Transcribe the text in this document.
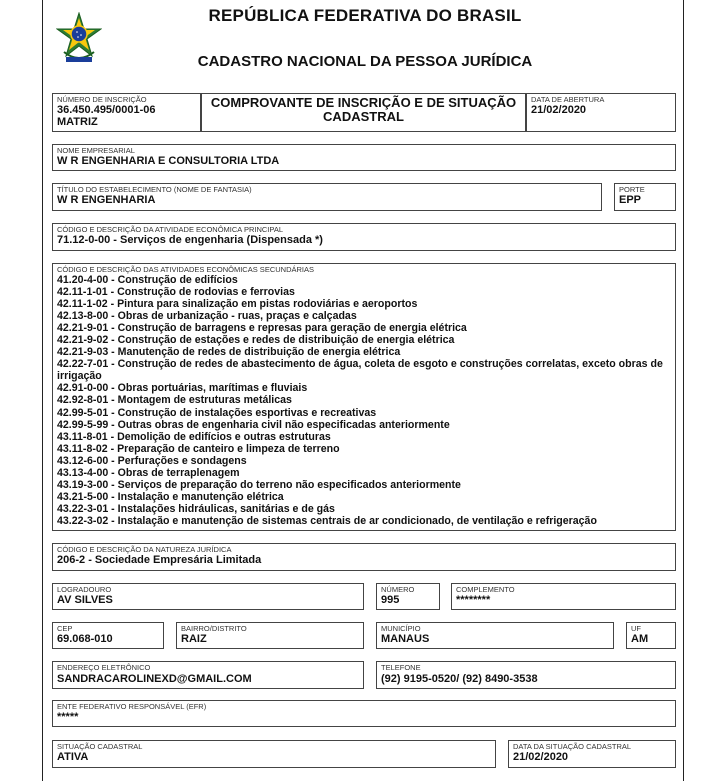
REPÚBLICA FEDERATIVA DO BRASIL
CADASTRO NACIONAL DA PESSOA JURÍDICA
NÚMERO DE INSCRIÇÃO
36.450.495/0001-06
MATRIZ
COMPROVANTE DE INSCRIÇÃO E DE SITUAÇÃO
CADASTRAL
DATA DE ABERTURA
21/02/2020
NOME EMPRESARIAL
W R ENGENHARIA E CONSULTORIA LTDA
TÍTULO DO ESTABELECIMENTO (NOME DE FANTASIA)
W R ENGENHARIA
PORTE
EPP
CÓDIGO E DESCRIÇÃO DA ATIVIDADE ECONÔMICA PRINCIPAL
71.12-0-00 - Serviços de engenharia (Dispensada *)
CÓDIGO E DESCRIÇÃO DAS ATIVIDADES ECONÔMICAS SECUNDÁRIAS
41.20-4-00 - Construção de edifícios
42.11-1-01 - Construção de rodovias e ferrovias
42.11-1-02 - Pintura para sinalização em pistas rodoviárias e aeroportos
42.13-8-00 - Obras de urbanização - ruas, praças e calçadas
42.21-9-01 - Construção de barragens e represas para geração de energia elétrica
42.21-9-02 - Construção de estações e redes de distribuição de energia elétrica
42.21-9-03 - Manutenção de redes de distribuição de energia elétrica
42.22-7-01 - Construção de redes de abastecimento de água, coleta de esgoto e construções correlatas, exceto obras de irrigação
42.91-0-00 - Obras portuárias, marítimas e fluviais
42.92-8-01 - Montagem de estruturas metálicas
42.99-5-01 - Construção de instalações esportivas e recreativas
42.99-5-99 - Outras obras de engenharia civil não especificadas anteriormente
43.11-8-01 - Demolição de edifícios e outras estruturas
43.11-8-02 - Preparação de canteiro e limpeza de terreno
43.12-6-00 - Perfurações e sondagens
43.13-4-00 - Obras de terraplenagem
43.19-3-00 - Serviços de preparação do terreno não especificados anteriormente
43.21-5-00 - Instalação e manutenção elétrica
43.22-3-01 - Instalações hidráulicas, sanitárias e de gás
43.22-3-02 - Instalação e manutenção de sistemas centrais de ar condicionado, de ventilação e refrigeração
CÓDIGO E DESCRIÇÃO DA NATUREZA JURÍDICA
206-2 - Sociedade Empresária Limitada
LOGRADOURO
AV SILVES
NÚMERO
995
COMPLEMENTO
********
CEP
69.068-010
BAIRRO/DISTRITO
RAIZ
MUNICÍPIO
MANAUS
UF
AM
ENDEREÇO ELETRÔNICO
SANDRACAROLINEXD@GMAIL.COM
TELEFONE
(92) 9195-0520/ (92) 8490-3538
ENTE FEDERATIVO RESPONSÁVEL (EFR)
*****
SITUAÇÃO CADASTRAL
ATIVA
DATA DA SITUAÇÃO CADASTRAL
21/02/2020
